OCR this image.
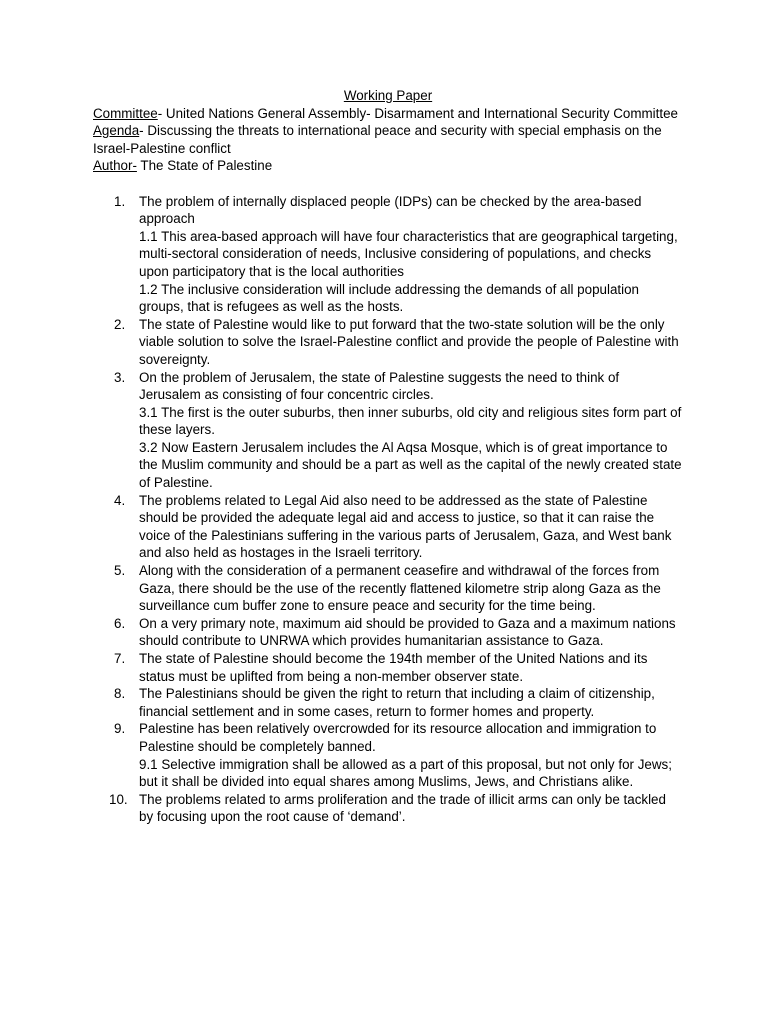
Working Paper

Committee- United Nations General Assembly- Disarmament and International Security Committee

Agenda- Discussing the threats to international peace and security with special emphasis on the Israel-Palestine conflict

Author- The State of Palestine

1.	The problem of internally displaced people (IDPs) can be checked by the area-based approach

1.1 This area-based approach will have four characteristics that are geographical targeting, multi-sectoral consideration of needs, Inclusive considering of populations, and checks upon participatory that is the local authorities

1.2 The inclusive consideration will include addressing the demands of all population groups, that is refugees as well as the hosts.

2.	The state of Palestine would like to put forward that the two-state solution will be the only viable solution to solve the Israel-Palestine conflict and provide the people of Palestine with sovereignty.

3.	On the problem of Jerusalem, the state of Palestine suggests the need to think of Jerusalem as consisting of four concentric circles.

3.1 The first is the outer suburbs, then inner suburbs, old city and religious sites form part of these layers.

3.2 Now Eastern Jerusalem includes the Al Aqsa Mosque, which is of great importance to the Muslim community and should be a part as well as the capital of the newly created state of Palestine.

4.	The problems related to Legal Aid also need to be addressed as the state of Palestine should be provided the adequate legal aid and access to justice, so that it can raise the voice of the Palestinians suffering in the various parts of Jerusalem, Gaza, and West bank and also held as hostages in the Israeli territory.

5.	Along with the consideration of a permanent ceasefire and withdrawal of the forces from Gaza, there should be the use of the recently flattened kilometre strip along Gaza as the surveillance cum buffer zone to ensure peace and security for the time being.

6.	On a very primary note, maximum aid should be provided to Gaza and a maximum nations should contribute to UNRWA which provides humanitarian assistance to Gaza.

7.	The state of Palestine should become the 194th member of the United Nations and its status must be uplifted from being a non-member observer state.

8.	The Palestinians should be given the right to return that including a claim of citizenship, financial settlement and in some cases, return to former homes and property.

9.	Palestine has been relatively overcrowded for its resource allocation and immigration to Palestine should be completely banned.

9.1 Selective immigration shall be allowed as a part of this proposal, but not only for Jews; but it shall be divided into equal shares among Muslims, Jews, and Christians alike.

10. The problems related to arms proliferation and the trade of illicit arms can only be tackled by focusing upon the root cause of ‘demand’.
